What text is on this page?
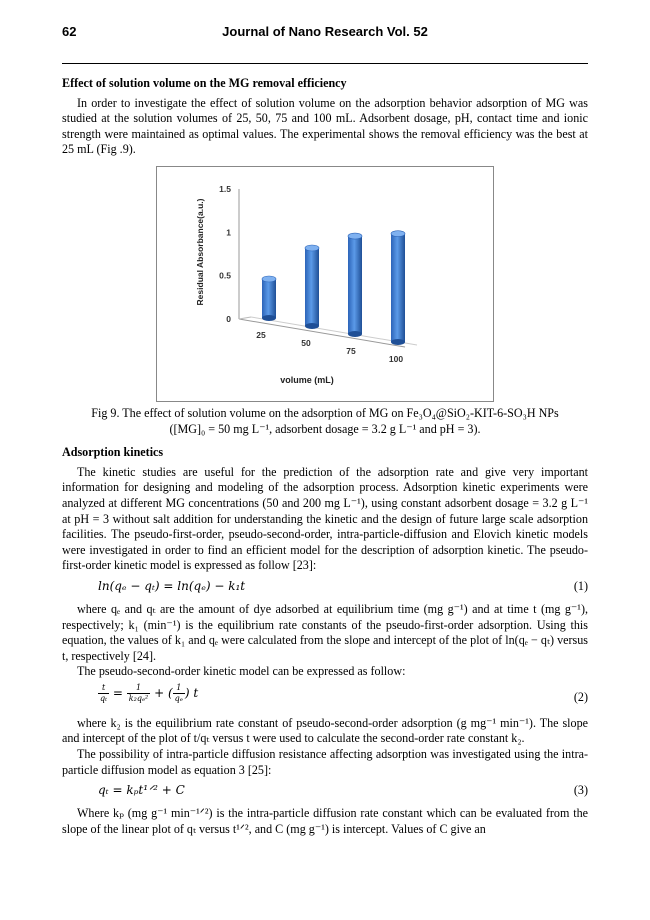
62	Journal of Nano Research Vol. 52
Effect of solution volume on the MG removal efficiency

In order to investigate the effect of solution volume on the adsorption behavior adsorption of MG was studied at the solution volumes of 25, 50, 75 and 100 mL. Adsorbent dosage, pH, contact time and ionic strength were maintained as optimal values. The experimental shows the removal efficiency was the best at 25 mL (Fig .9).

0
0.5
1
1.5
Residual Absorbance(a.u.)
25
50
75
100
volume (mL)
Fig 9. The effect of solution volume on the adsorption of MG on Fe₃O₄@SiO₂-KIT-6-SO₃H NPs
([MG]₀ = 50 mg L⁻¹, adsorbent dosage = 3.2 g L⁻¹ and pH = 3).
Adsorption kinetics

The kinetic studies are useful for the prediction of the adsorption rate and give very important information for designing and modeling of the adsorption process. Adsorption kinetic experiments were analyzed at different MG concentrations (50 and 200 mg L⁻¹), using constant adsorbent dosage = 3.2 g L⁻¹ at pH = 3 without salt addition for understanding the kinetic and the design of future large scale adsorption facilities. The pseudo-first-order, pseudo-second-order, intra-particle-diffusion and Elovich kinetic models were investigated in order to find an efficient model for the description of adsorption kinetic. The pseudo-first-order kinetic model is expressed as follow [23]:

ln(qₑ − qₜ) = ln(qₑ) − k₁t	(1)

where qₑ and qₜ are the amount of dye adsorbed at equilibrium time (mg g⁻¹) and at time t (mg g⁻¹), respectively; k₁ (min⁻¹) is the equilibrium rate constants of the pseudo-first-order adsorption. Using this equation, the values of k₁ and qₑ were calculated from the slope and intercept of the plot of ln(qₑ − qₜ) versus t, respectively [24].

The pseudo-second-order kinetic model can be expressed as follow:

$\frac{t}{\text{qₜ}} = \frac{1}{\text{k₂qₑ²}}$ + ( $\frac{1}{\text{qₑ}}$ ) t	(2)

where k₂ is the equilibrium rate constant of pseudo-second-order adsorption (g mg⁻¹ min⁻¹). The slope and intercept of the plot of t/qₜ versus t were used to calculate the second-order rate constant k₂.

The possibility of intra-particle diffusion resistance affecting adsorption was investigated using the intra-particle diffusion model as equation 3 [25]:

qₜ = kₚt¹ᐟ² + C	(3)

Where kₚ (mg g⁻¹ min⁻¹ᐟ²) is the intra-particle diffusion rate constant which can be evaluated from the slope of the linear plot of qₜ versus t¹ᐟ², and C (mg g⁻¹) is intercept. Values of C give an
